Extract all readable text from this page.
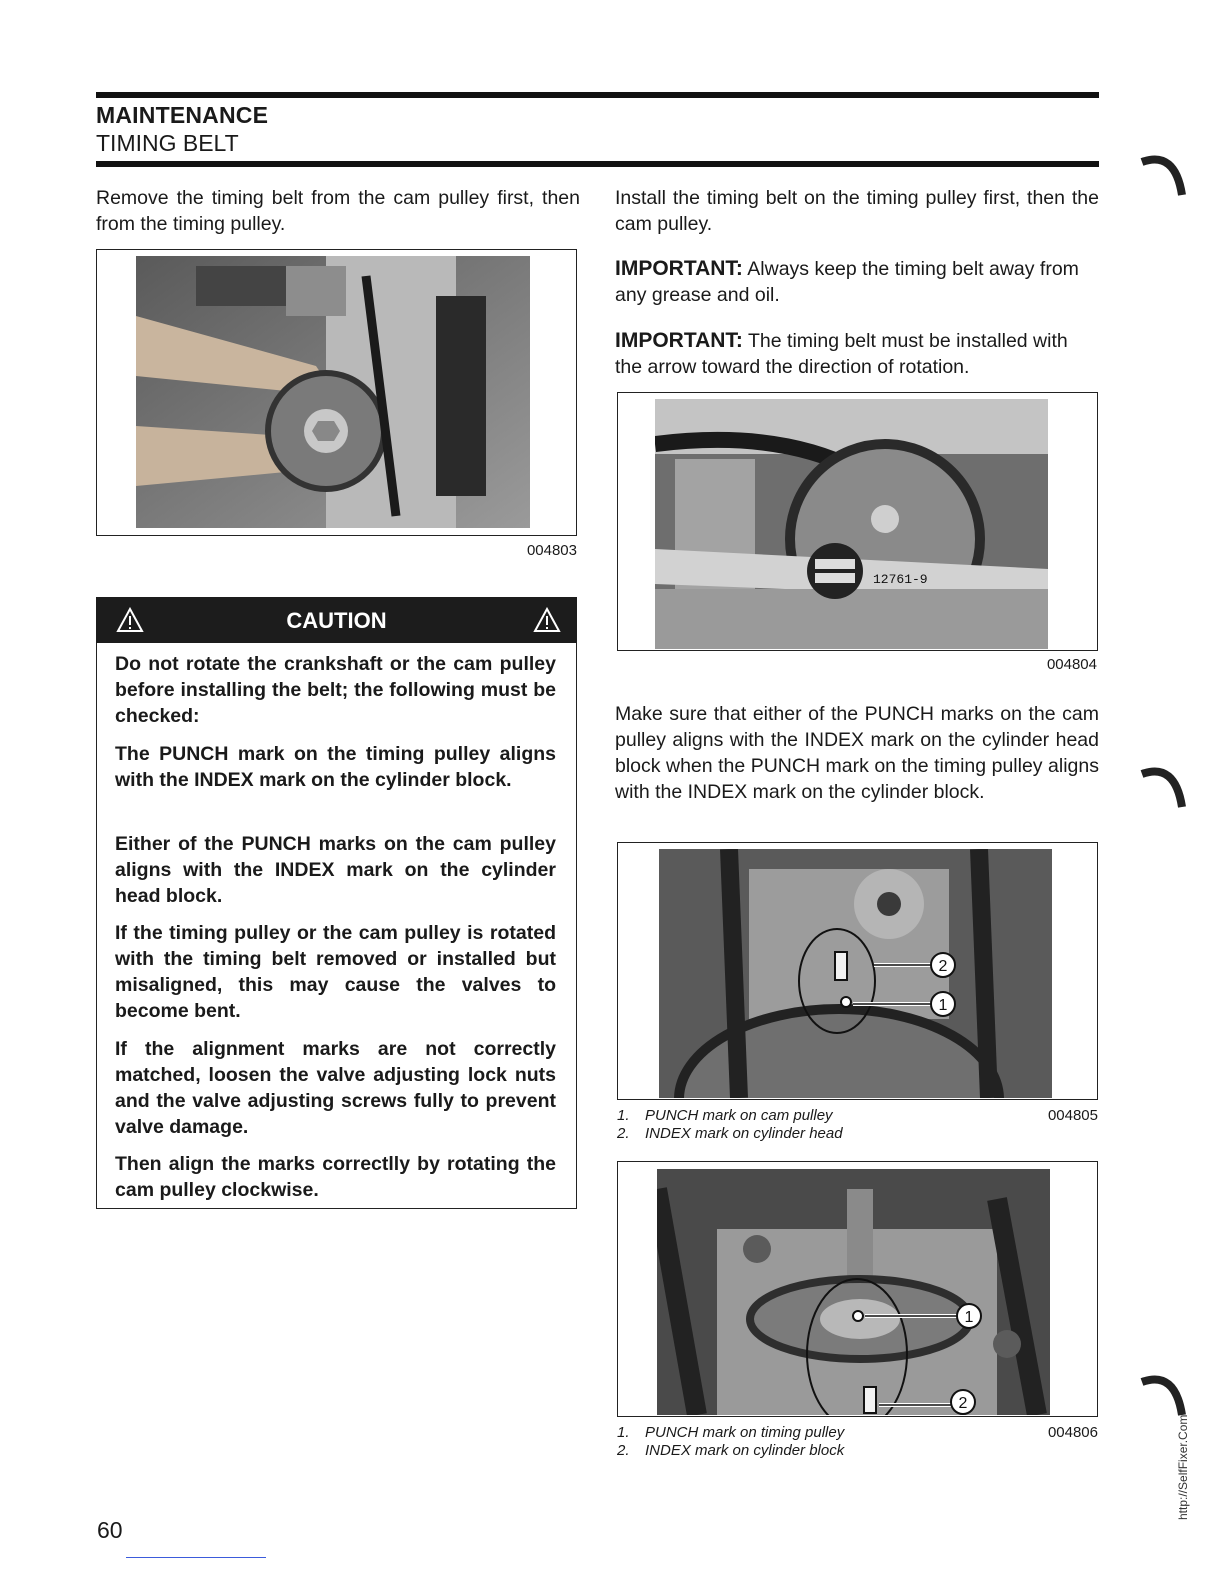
MAINTENANCE
TIMING BELT
Remove the timing belt from the cam pulley first, then from the timing pulley.
004803
CAUTION
Do not rotate the crankshaft or the cam pulley before installing the belt; the following must be checked:
The PUNCH mark on the timing pulley aligns with the INDEX mark on the cylinder block.
Either of the PUNCH marks on the cam pulley aligns with the INDEX mark on the cylinder head block.
If the timing pulley or the cam pulley is rotated with the timing belt removed or installed but misaligned, this may cause the valves to become bent.
If the alignment marks are not correctly matched, loosen the valve adjusting lock nuts and the valve adjusting screws fully to prevent valve damage.
Then align the marks correctlly by rotating the cam pulley clockwise.
Install the timing belt on the timing pulley first, then the cam pulley.
IMPORTANT: Always keep the timing belt away from any grease and oil.
IMPORTANT: The timing belt must be installed with the arrow toward the direction of rotation.
12761-9
004804
Make sure that either of the PUNCH marks on the cam pulley aligns with the INDEX mark on the cylinder head block when the PUNCH mark on the timing pulley aligns with the INDEX mark on the cylinder block.
2
1
1. PUNCH mark on cam pulley
2. INDEX mark on cylinder head
004805
1
2
1. PUNCH mark on timing pulley
2. INDEX mark on cylinder block
004806
60
http://SelfFixer.Com
